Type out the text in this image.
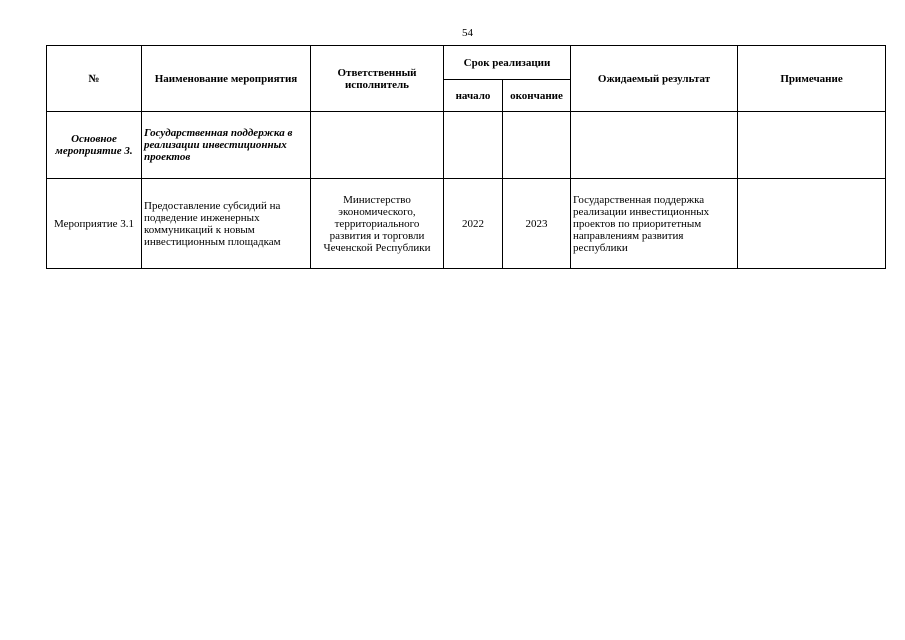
54
№	Наименование мероприятия	Ответственный исполнитель	Срок реализации		Ожидаемый результат	Примечание
			начало	окончание		
Основное мероприятие 3.	Государственная поддержка в реализации инвестиционных проектов					
Мероприятие 3.1	Предоставление субсидий на подведение инженерных коммуникаций к новым инвестиционным площадкам	Министерство экономического, территориального развития и торговли Чеченской Республики	2022	2023	Государственная поддержка реализации инвестиционных проектов по приоритетным направлениям развития республики	
